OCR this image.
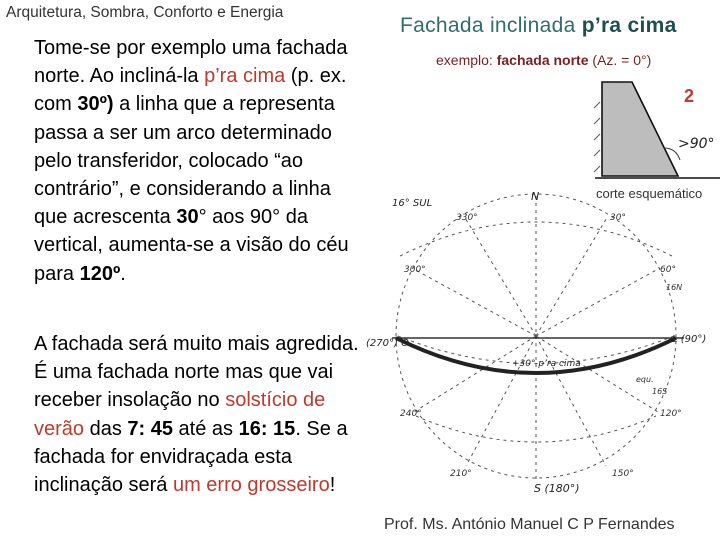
Arquitetura, Sombra, Conforto e Energia
Tome-se por exemplo uma fachada norte. Ao incliná-la p’ra cima (p. ex. com 30º) a linha que a representa passa a ser um arco determinado pelo transferidor, colocado “ao contrário”, e considerando a linha que acrescenta 30° aos 90° da vertical, aumenta-se a visão do céu para 120º.
A fachada será muito mais agredida. É uma fachada norte mas que vai receber insolação no solstício de verão das 7: 45 até as 16: 15. Se a fachada for envidraçada esta inclinação será um erro grosseiro!
Fachada inclinada p’ra cima
exemplo: fachada norte (Az. = 0°)
2
>90°
corte esquemático
16° SUL
N
S (180°)
(270°) O	L (90°)
+30° p’ra cima
330°	30°
300°	60°
240°	120°
210°	150°
16N
16S
equ.
Prof. Ms. António Manuel C P Fernandes
